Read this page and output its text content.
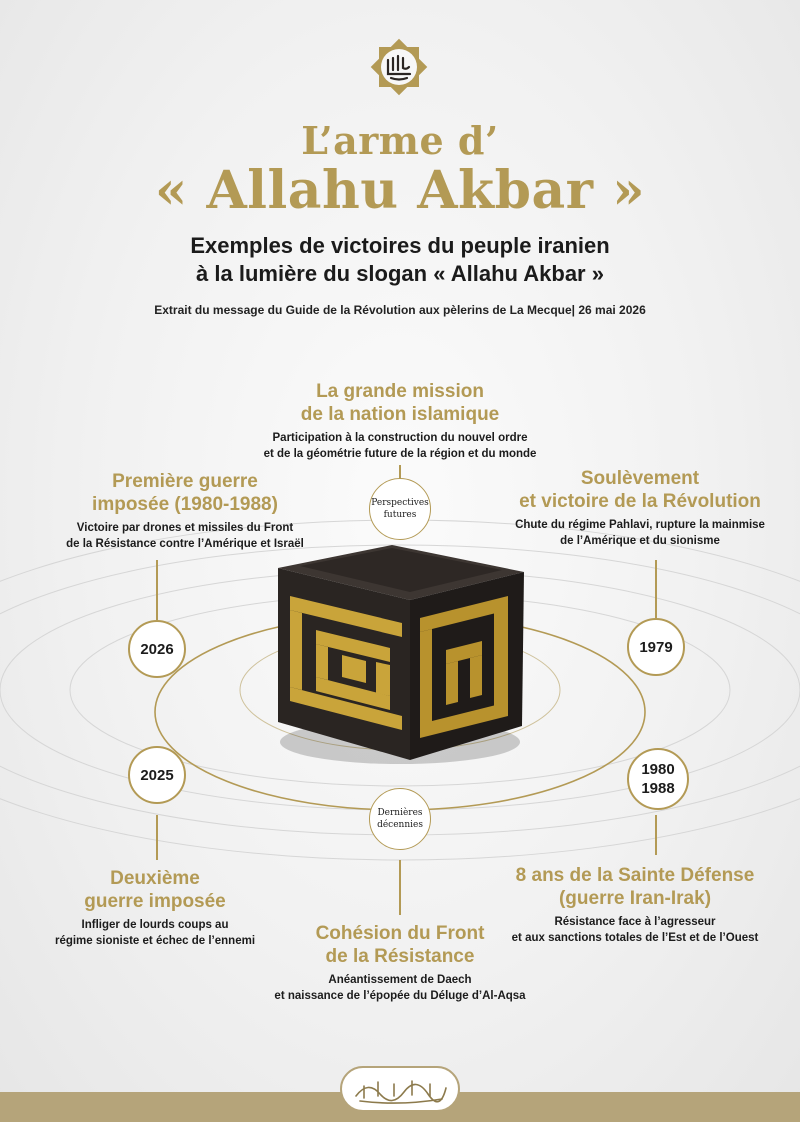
L’arme d’
« Allahu Akbar »
Exemples de victoires du peuple iranien
à la lumière du slogan « Allahu Akbar »
Extrait du message du Guide de la Révolution aux pèlerins de La Mecque| 26 mai 2026
La grande mission
de la nation islamique
Participation à la construction du nouvel ordre
et de la géométrie future de la région et du monde
Première guerre
imposée (1980-1988)
Victoire par drones et missiles du Front
de la Résistance contre l’Amérique et Israël
Soulèvement
et victoire de la Révolution
Chute du régime Pahlavi, rupture la mainmise
de l’Amérique et du sionisme
Perspectives
futures
Dernières
décennies
2026	1979
2025	1980
1988
Deuxième
guerre imposée
Infliger de lourds coups au
régime sioniste et échec de l’ennemi	Cohésion du Front
de la Résistance
Anéantissement de Daech
et naissance de l’épopée du Déluge d’Al-Aqsa
8 ans de la Sainte Défense
(guerre Iran-Irak)
Résistance face à l’agresseur
et aux sanctions totales de l’Est et de l’Ouest
